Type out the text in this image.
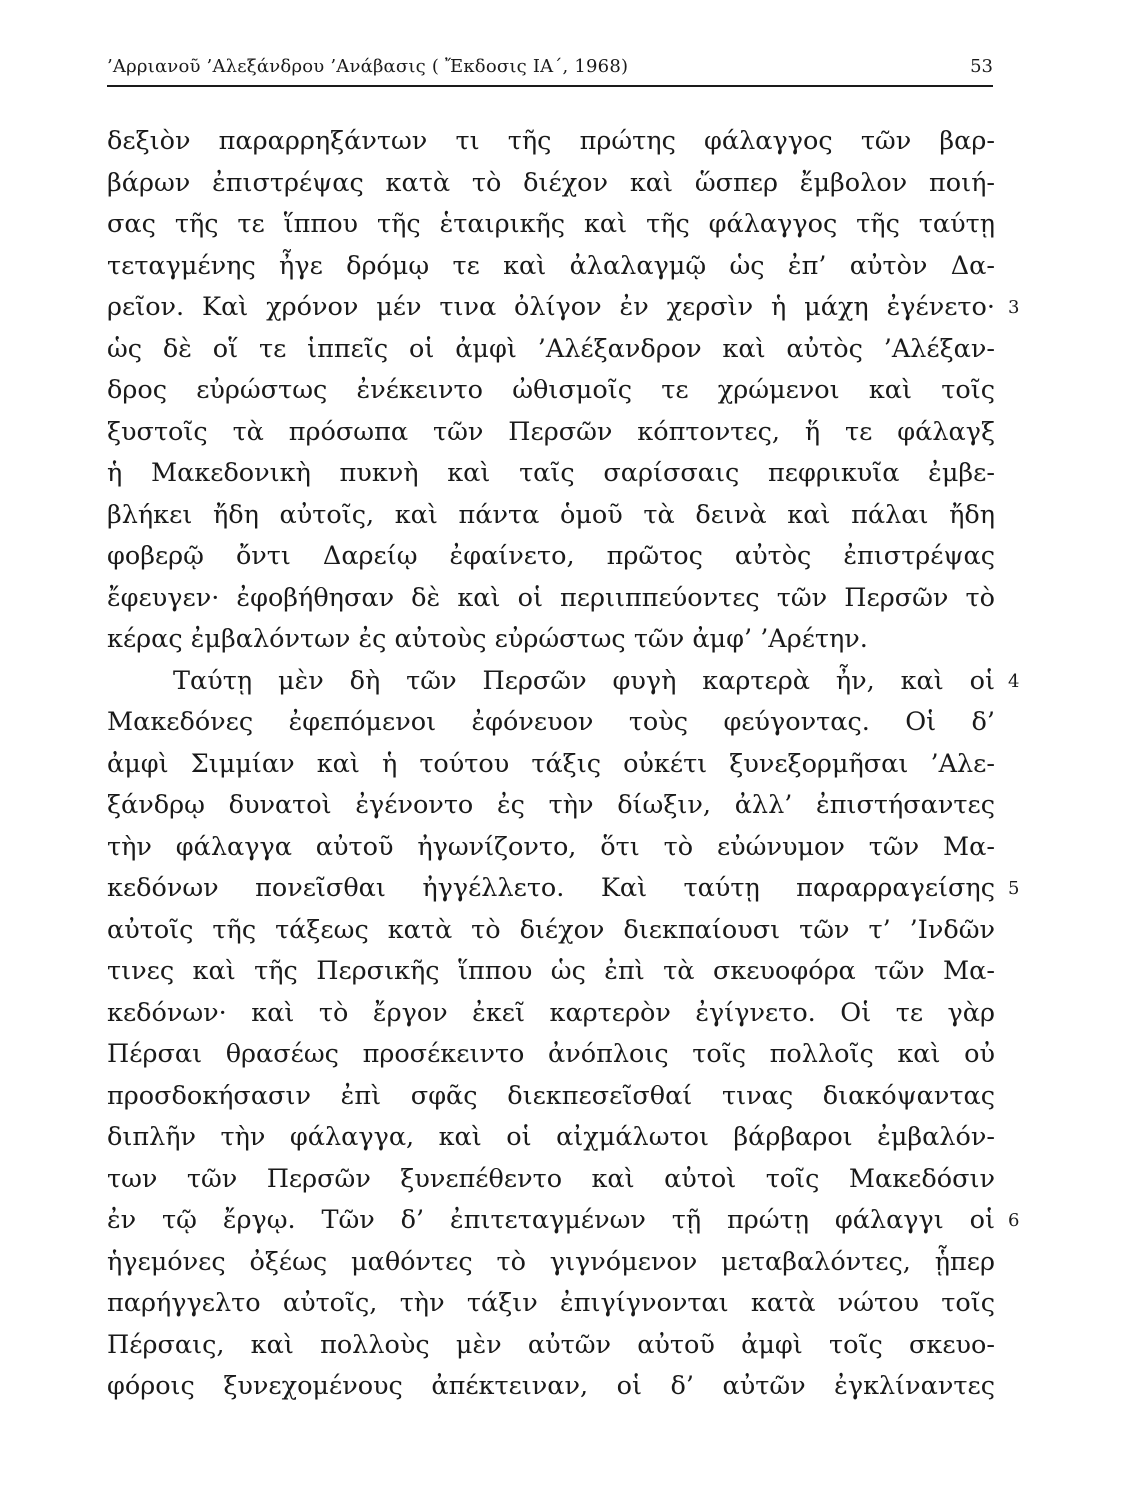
’Αρριανοῦ ’Αλεξάνδρου ’Ανάβασις ( Ἔκδοσις ΙΑ΄, 1968)	53
δεξιὸν παραρρηξάντων τι τῆς πρώτης φάλαγγος τῶν βαρ-
βάρων ἐπιστρέψας κατὰ τὸ διέχον καὶ ὥσπερ ἔμβολον ποιή-
σας τῆς τε ἵππου τῆς ἑταιρικῆς καὶ τῆς φάλαγγος τῆς ταύτῃ
τεταγμένης ἦγε δρόμῳ τε καὶ ἀλαλαγμῷ ὡς ἐπ’ αὐτὸν Δα-
ρεῖον. Καὶ χρόνον μέν τινα ὀλίγον ἐν χερσὶν ἡ μάχη ἐγένετο·
ὡς δὲ οἵ τε ἱππεῖς οἱ ἀμφὶ ’Αλέξανδρον καὶ αὐτὸς ’Αλέξαν-
δρος εὐρώστως ἐνέκειντο ὠθισμοῖς τε χρώμενοι καὶ τοῖς
ξυστοῖς τὰ πρόσωπα τῶν Περσῶν κόπτοντες, ἥ τε φάλαγξ
ἡ Μακεδονικὴ πυκνὴ καὶ ταῖς σαρίσσαις πεφρικυῖα ἐμβε-
βλήκει ἤδη αὐτοῖς, καὶ πάντα ὁμοῦ τὰ δεινὰ καὶ πάλαι ἤδη
φοβερῷ ὄντι Δαρείῳ ἐφαίνετο, πρῶτος αὐτὸς ἐπιστρέψας
ἔφευγεν· ἐφοβήθησαν δὲ καὶ οἱ περιιππεύοντες τῶν Περσῶν τὸ
κέρας ἐμβαλόντων ἐς αὐτοὺς εὐρώστως τῶν ἀμφ’ ’Αρέτην.
Ταύτῃ μὲν δὴ τῶν Περσῶν φυγὴ καρτερὰ ἦν, καὶ οἱ
Μακεδόνες ἐφεπόμενοι ἐφόνευον τοὺς φεύγοντας. Οἱ δ’
ἀμφὶ Σιμμίαν καὶ ἡ τούτου τάξις οὐκέτι ξυνεξορμῆσαι ’Αλε-
ξάνδρῳ δυνατοὶ ἐγένοντο ἐς τὴν δίωξιν, ἀλλ’ ἐπιστήσαντες
τὴν φάλαγγα αὐτοῦ ἠγωνίζοντο, ὅτι τὸ εὐώνυμον τῶν Μα-
κεδόνων πονεῖσθαι ἠγγέλλετο. Καὶ ταύτῃ παραρραγείσης
αὐτοῖς τῆς τάξεως κατὰ τὸ διέχον διεκπαίουσι τῶν τ’ ’Ινδῶν
τινες καὶ τῆς Περσικῆς ἵππου ὡς ἐπὶ τὰ σκευοφόρα τῶν Μα-
κεδόνων· καὶ τὸ ἔργον ἐκεῖ καρτερὸν ἐγίγνετο. Οἱ τε γὰρ
Πέρσαι θρασέως προσέκειντο ἀνόπλοις τοῖς πολλοῖς καὶ οὐ
προσδοκήσασιν ἐπὶ σφᾶς διεκπεσεῖσθαί τινας διακόψαντας
διπλῆν τὴν φάλαγγα, καὶ οἱ αἰχμάλωτοι βάρβαροι ἐμβαλόν-
των τῶν Περσῶν ξυνεπέθεντο καὶ αὐτοὶ τοῖς Μακεδόσιν
ἐν τῷ ἔργῳ. Τῶν δ’ ἐπιτεταγμένων τῇ πρώτῃ φάλαγγι οἱ
ἡγεμόνες ὀξέως μαθόντες τὸ γιγνόμενον μεταβαλόντες, ᾗπερ
παρήγγελτο αὐτοῖς, τὴν τάξιν ἐπιγίγνονται κατὰ νώτου τοῖς
Πέρσαις, καὶ πολλοὺς μὲν αὐτῶν αὐτοῦ ἀμφὶ τοῖς σκευο-
φόροις ξυνεχομένους ἀπέκτειναν, οἱ δ’ αὐτῶν ἐγκλίναντες
3
4
5
6
